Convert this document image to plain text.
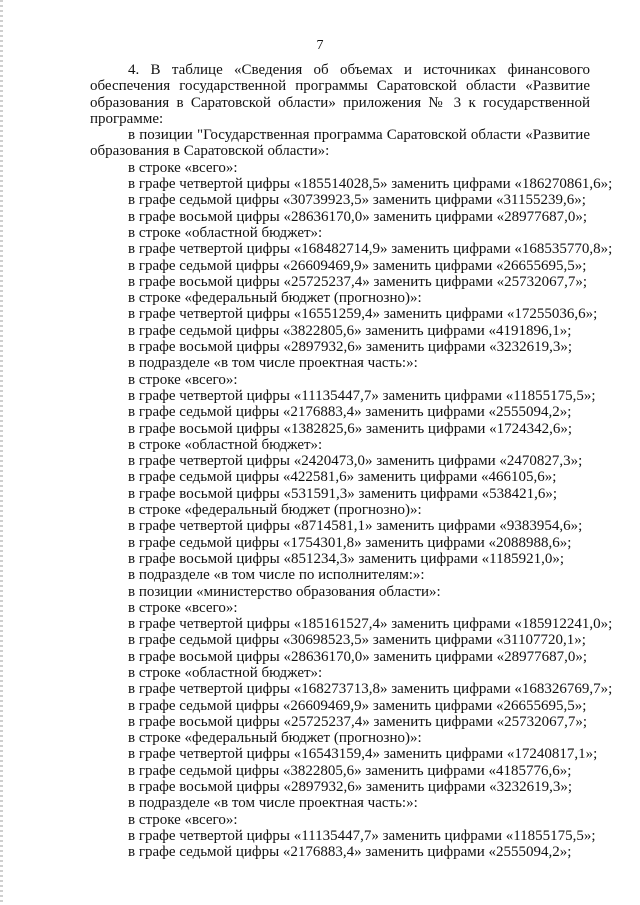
7

4. В таблице «Сведения об объемах и источниках финансового обеспечения государственной программы Саратовской области «Развитие образования в Саратовской области» приложения № 3 к государственной программе:

в позиции "Государственная программа Саратовской области «Развитие образования в Саратовской области»:

в строке «всего»:

в графе четвертой цифры «185514028,5» заменить цифрами «186270861,6»;

в графе седьмой цифры «30739923,5» заменить цифрами «31155239,6»;

в графе восьмой цифры «28636170,0» заменить цифрами «28977687,0»;

в строке «областной бюджет»:

в графе четвертой цифры «168482714,9» заменить цифрами «168535770,8»;

в графе седьмой цифры «26609469,9» заменить цифрами «26655695,5»;

в графе восьмой цифры «25725237,4» заменить цифрами «25732067,7»;

в строке «федеральный бюджет (прогнозно)»:

в графе четвертой цифры «16551259,4» заменить цифрами «17255036,6»;

в графе седьмой цифры «3822805,6» заменить цифрами «4191896,1»;

в графе восьмой цифры «2897932,6» заменить цифрами «3232619,3»;

в подразделе «в том числе проектная часть:»:

в строке «всего»:

в графе четвертой цифры «11135447,7» заменить цифрами «11855175,5»;

в графе седьмой цифры «2176883,4» заменить цифрами «2555094,2»;

в графе восьмой цифры «1382825,6» заменить цифрами «1724342,6»;

в строке «областной бюджет»:

в графе четвертой цифры «2420473,0» заменить цифрами «2470827,3»;

в графе седьмой цифры «422581,6» заменить цифрами «466105,6»;

в графе восьмой цифры «531591,3» заменить цифрами «538421,6»;

в строке «федеральный бюджет (прогнозно)»:

в графе четвертой цифры «8714581,1» заменить цифрами «9383954,6»;

в графе седьмой цифры «1754301,8» заменить цифрами «2088988,6»;

в графе восьмой цифры «851234,3» заменить цифрами «1185921,0»;

в подразделе «в том числе по исполнителям:»:

в позиции «министерство образования области»:

в строке «всего»:

в графе четвертой цифры «185161527,4» заменить цифрами «185912241,0»;

в графе седьмой цифры «30698523,5» заменить цифрами «31107720,1»;

в графе восьмой цифры «28636170,0» заменить цифрами «28977687,0»;

в строке «областной бюджет»:

в графе четвертой цифры «168273713,8» заменить цифрами «168326769,7»;

в графе седьмой цифры «26609469,9» заменить цифрами «26655695,5»;

в графе восьмой цифры «25725237,4» заменить цифрами «25732067,7»;

в строке «федеральный бюджет (прогнозно)»:

в графе четвертой цифры «16543159,4» заменить цифрами «17240817,1»;

в графе седьмой цифры «3822805,6» заменить цифрами «4185776,6»;

в графе восьмой цифры «2897932,6» заменить цифрами «3232619,3»;

в подразделе «в том числе проектная часть:»:

в строке «всего»:

в графе четвертой цифры «11135447,7» заменить цифрами «11855175,5»;

в графе седьмой цифры «2176883,4» заменить цифрами «2555094,2»;
